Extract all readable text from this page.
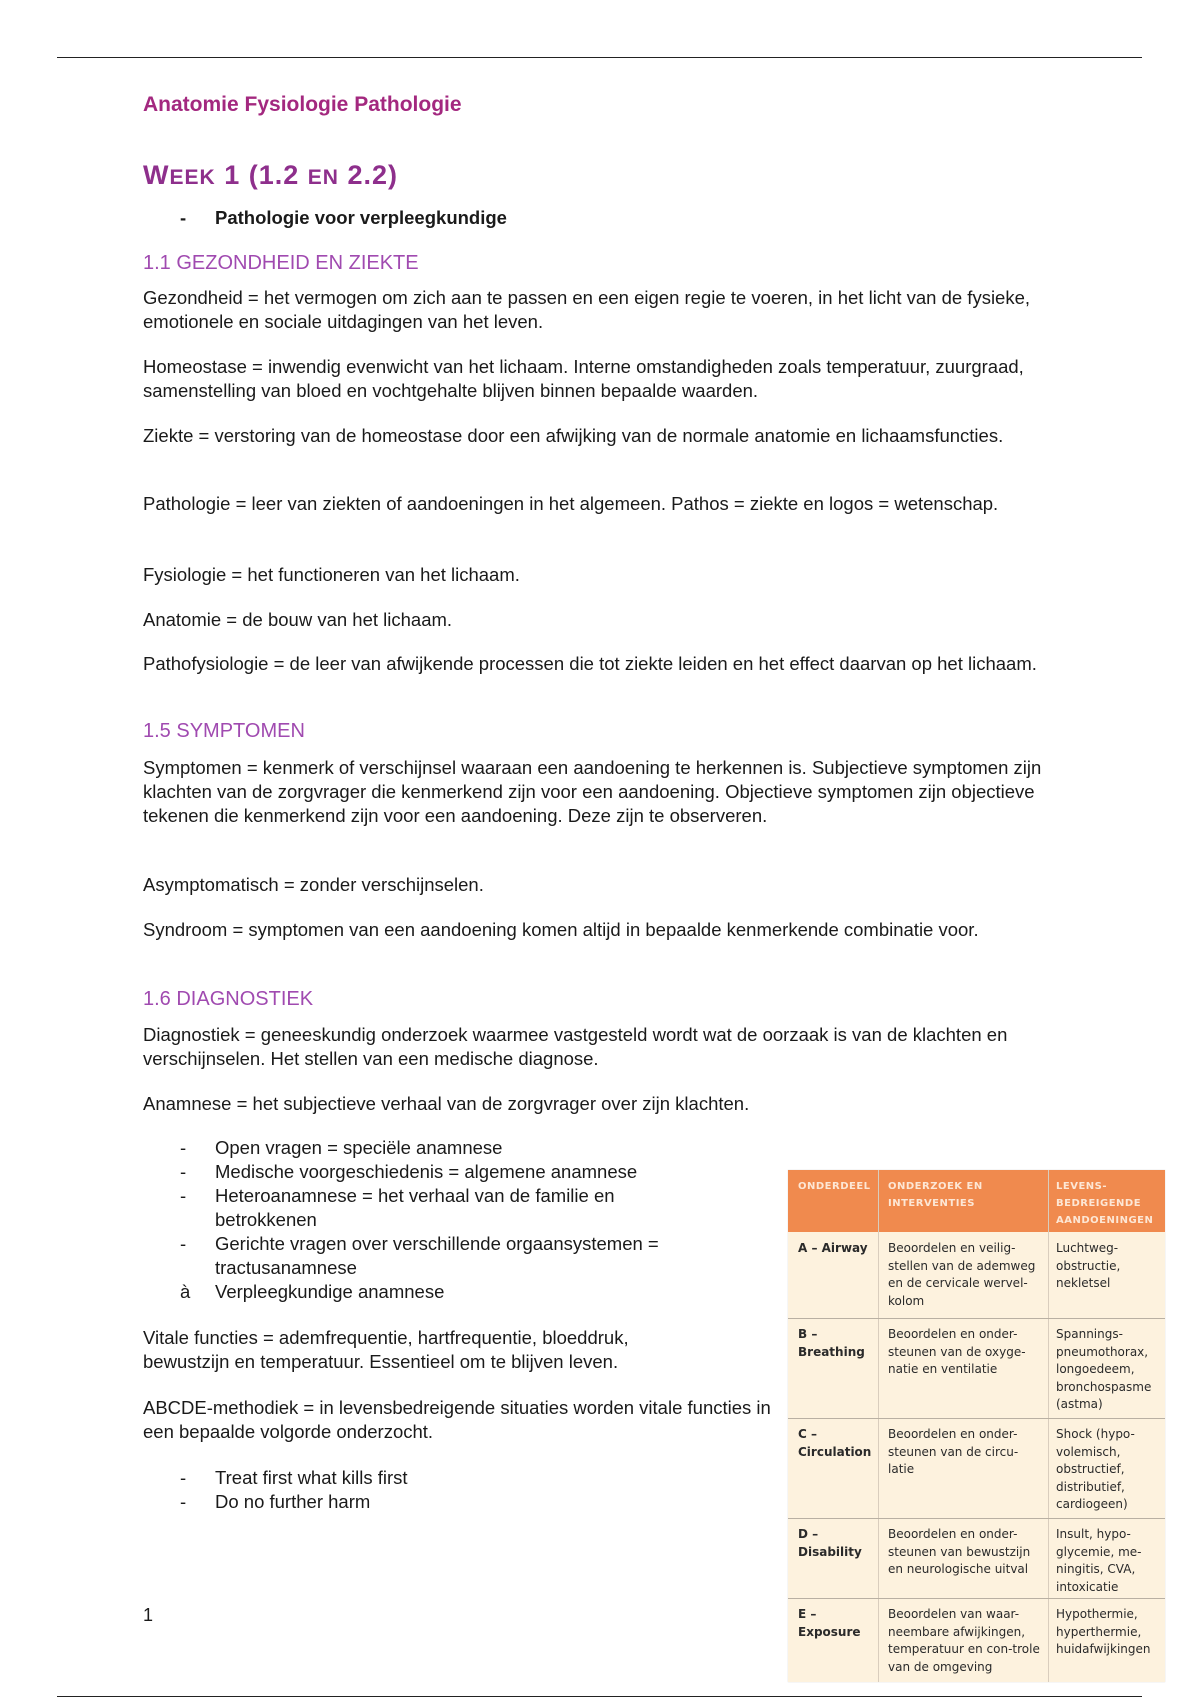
Anatomie Fysiologie Pathologie
WEEK 1 (1.2 EN 2.2)
- Pathologie voor verpleegkundige
1.1 GEZONDHEID EN ZIEKTE

Gezondheid = het vermogen om zich aan te passen en een eigen regie te voeren, in het licht van de fysieke, emotionele en sociale uitdagingen van het leven.

Homeostase = inwendig evenwicht van het lichaam. Interne omstandigheden zoals temperatuur, zuurgraad, samenstelling van bloed en vochtgehalte blijven binnen bepaalde waarden.

Ziekte = verstoring van de homeostase door een afwijking van de normale anatomie en lichaamsfuncties.

Pathologie = leer van ziekten of aandoeningen in het algemeen. Pathos = ziekte en logos = wetenschap.

Fysiologie = het functioneren van het lichaam.

Anatomie = de bouw van het lichaam.

Pathofysiologie = de leer van afwijkende processen die tot ziekte leiden en het effect daarvan op het lichaam.

1.5 SYMPTOMEN

Symptomen = kenmerk of verschijnsel waaraan een aandoening te herkennen is. Subjectieve symptomen zijn klachten van de zorgvrager die kenmerkend zijn voor een aandoening. Objectieve symptomen zijn objectieve tekenen die kenmerkend zijn voor een aandoening. Deze zijn te observeren.

Asymptomatisch = zonder verschijnselen.

Syndroom = symptomen van een aandoening komen altijd in bepaalde kenmerkende combinatie voor.

1.6 DIAGNOSTIEK

Diagnostiek = geneeskundig onderzoek waarmee vastgesteld wordt wat de oorzaak is van de klachten en verschijnselen. Het stellen van een medische diagnose.

Anamnese = het subjectieve verhaal van de zorgvrager over zijn klachten.

- Open vragen = speciële anamnese
- Medische voorgeschiedenis = algemene anamnese
- Heteroanamnese = het verhaal van de familie en betrokkenen
- Gerichte vragen over verschillende orgaansystemen = tractusanamnese
à Verpleegkundige anamnese

Vitale functies = ademfrequentie, hartfrequentie, bloeddruk, bewustzijn en temperatuur. Essentieel om te blijven leven.

ABCDE-methodiek = in levensbedreigende situaties worden vitale functies in een bepaalde volgorde onderzocht.

- Treat first what kills first
- Do no further harm

1

ONDERDEEL	ONDERZOEK EN INTERVENTIES
LEVENS-BEDREIGENDE AANDOENINGEN
A – Airway	Beoordelen en veilig-stellen van de ademweg en de cervicale wervel-kolom
Luchtweg-obstructie, nekletsel
B – Breathing
Beoordelen en onder-steunen van de oxyge-natie en ventilatie
Spannings-pneumothorax, longoedeem, bronchospasme (astma)
C – Circulation
Beoordelen en onder-steunen van de circu-latie
Shock (hypo-volemisch, obstructief, distributief, cardiogeen)
D – Disability
Beoordelen en onder-steunen van bewustzijn en neurologische uitval
Insult, hypo-glycemie, me-ningitis, CVA, intoxicatie
E – Exposure
Beoordelen van waar-neembare afwijkingen, temperatuur en con-trole van de omgeving
Hypothermie, hyperthermie, huidafwijkingen
